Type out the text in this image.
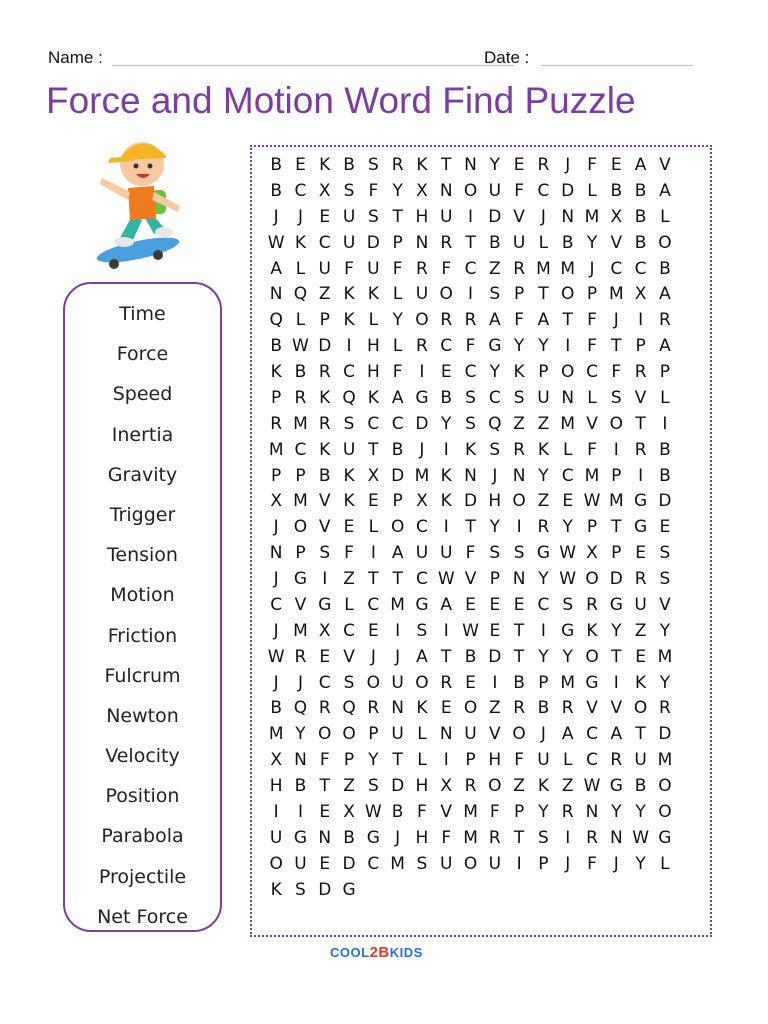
Name :	Date :
Force and Motion Word Find Puzzle
Time
Force
Speed
Inertia
Gravity
Trigger
Tension
Motion
Friction
Fulcrum
Newton
Velocity
Position
Parabola
Projectile
Net Force
B E K B S R K T N Y E R J F E A V
B C X S F Y X N O U F C D L B B A
J	J E U S T H U I D V J N M X B L
W K C U D P N R T B U L B Y V B O
A L U F U F R F C Z R M M J C C B
N Q Z K K L U O I S P T O P M X A
Q L P K L Y O R R A F A T F J	I R
B W D I H L R C F G Y Y I F T P A
K B R C H F I E C Y K P O C F R P
P R K Q K A G B S C S U N L S V L
R M R S C C D Y S Q Z Z M V O T I
M C K U T B J	I K S R K L F I R B
P P B K X D M K N J N Y C M P I B
X M V K E P X K D H O Z E W M G D
J O V E L O C I T Y I R Y P T G E
N P S F I A U U F S S G W X P E S
J G I Z T T C W V P N Y W O D R S
C V G L C M G A E E E C S R G U V
J M X C E I S I W E T I G K Y Z Y
W R E V J	J A T B D T Y Y O T E M
J	J C S O U O R E I B P M G I K Y
B Q R Q R N K E O Z R B R V V O R
M Y O O P U L N U V O J A C A T D
X N F P Y T L	I P H F U L C R U M
H B T Z S D H X R O Z K Z W G B O
I	I E X W B F V M F P Y R N Y Y O
U G N B G J H F M R T S I R N W G
O U E D C M S U O U I P J F J Y L
K S D G
COOL2BKIDS
